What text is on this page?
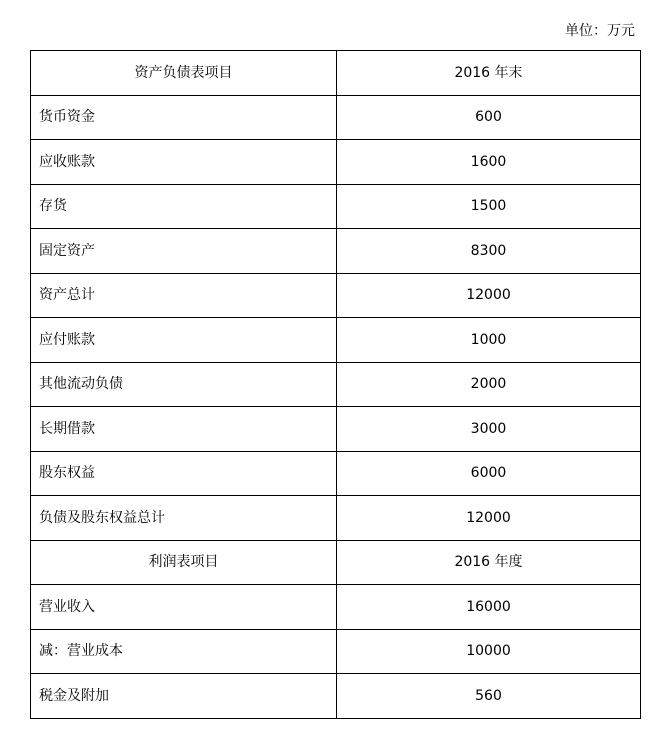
单位：万元
资产负债表项目	2016 年末
货币资金	600
应收账款	1600
存货	1500
固定资产	8300
资产总计	12000
应付账款	1000
其他流动负债	2000
长期借款	3000
股东权益	6000
负债及股东权益总计	12000
利润表项目	2016 年度
营业收入	16000
减：营业成本	10000
税金及附加	560
